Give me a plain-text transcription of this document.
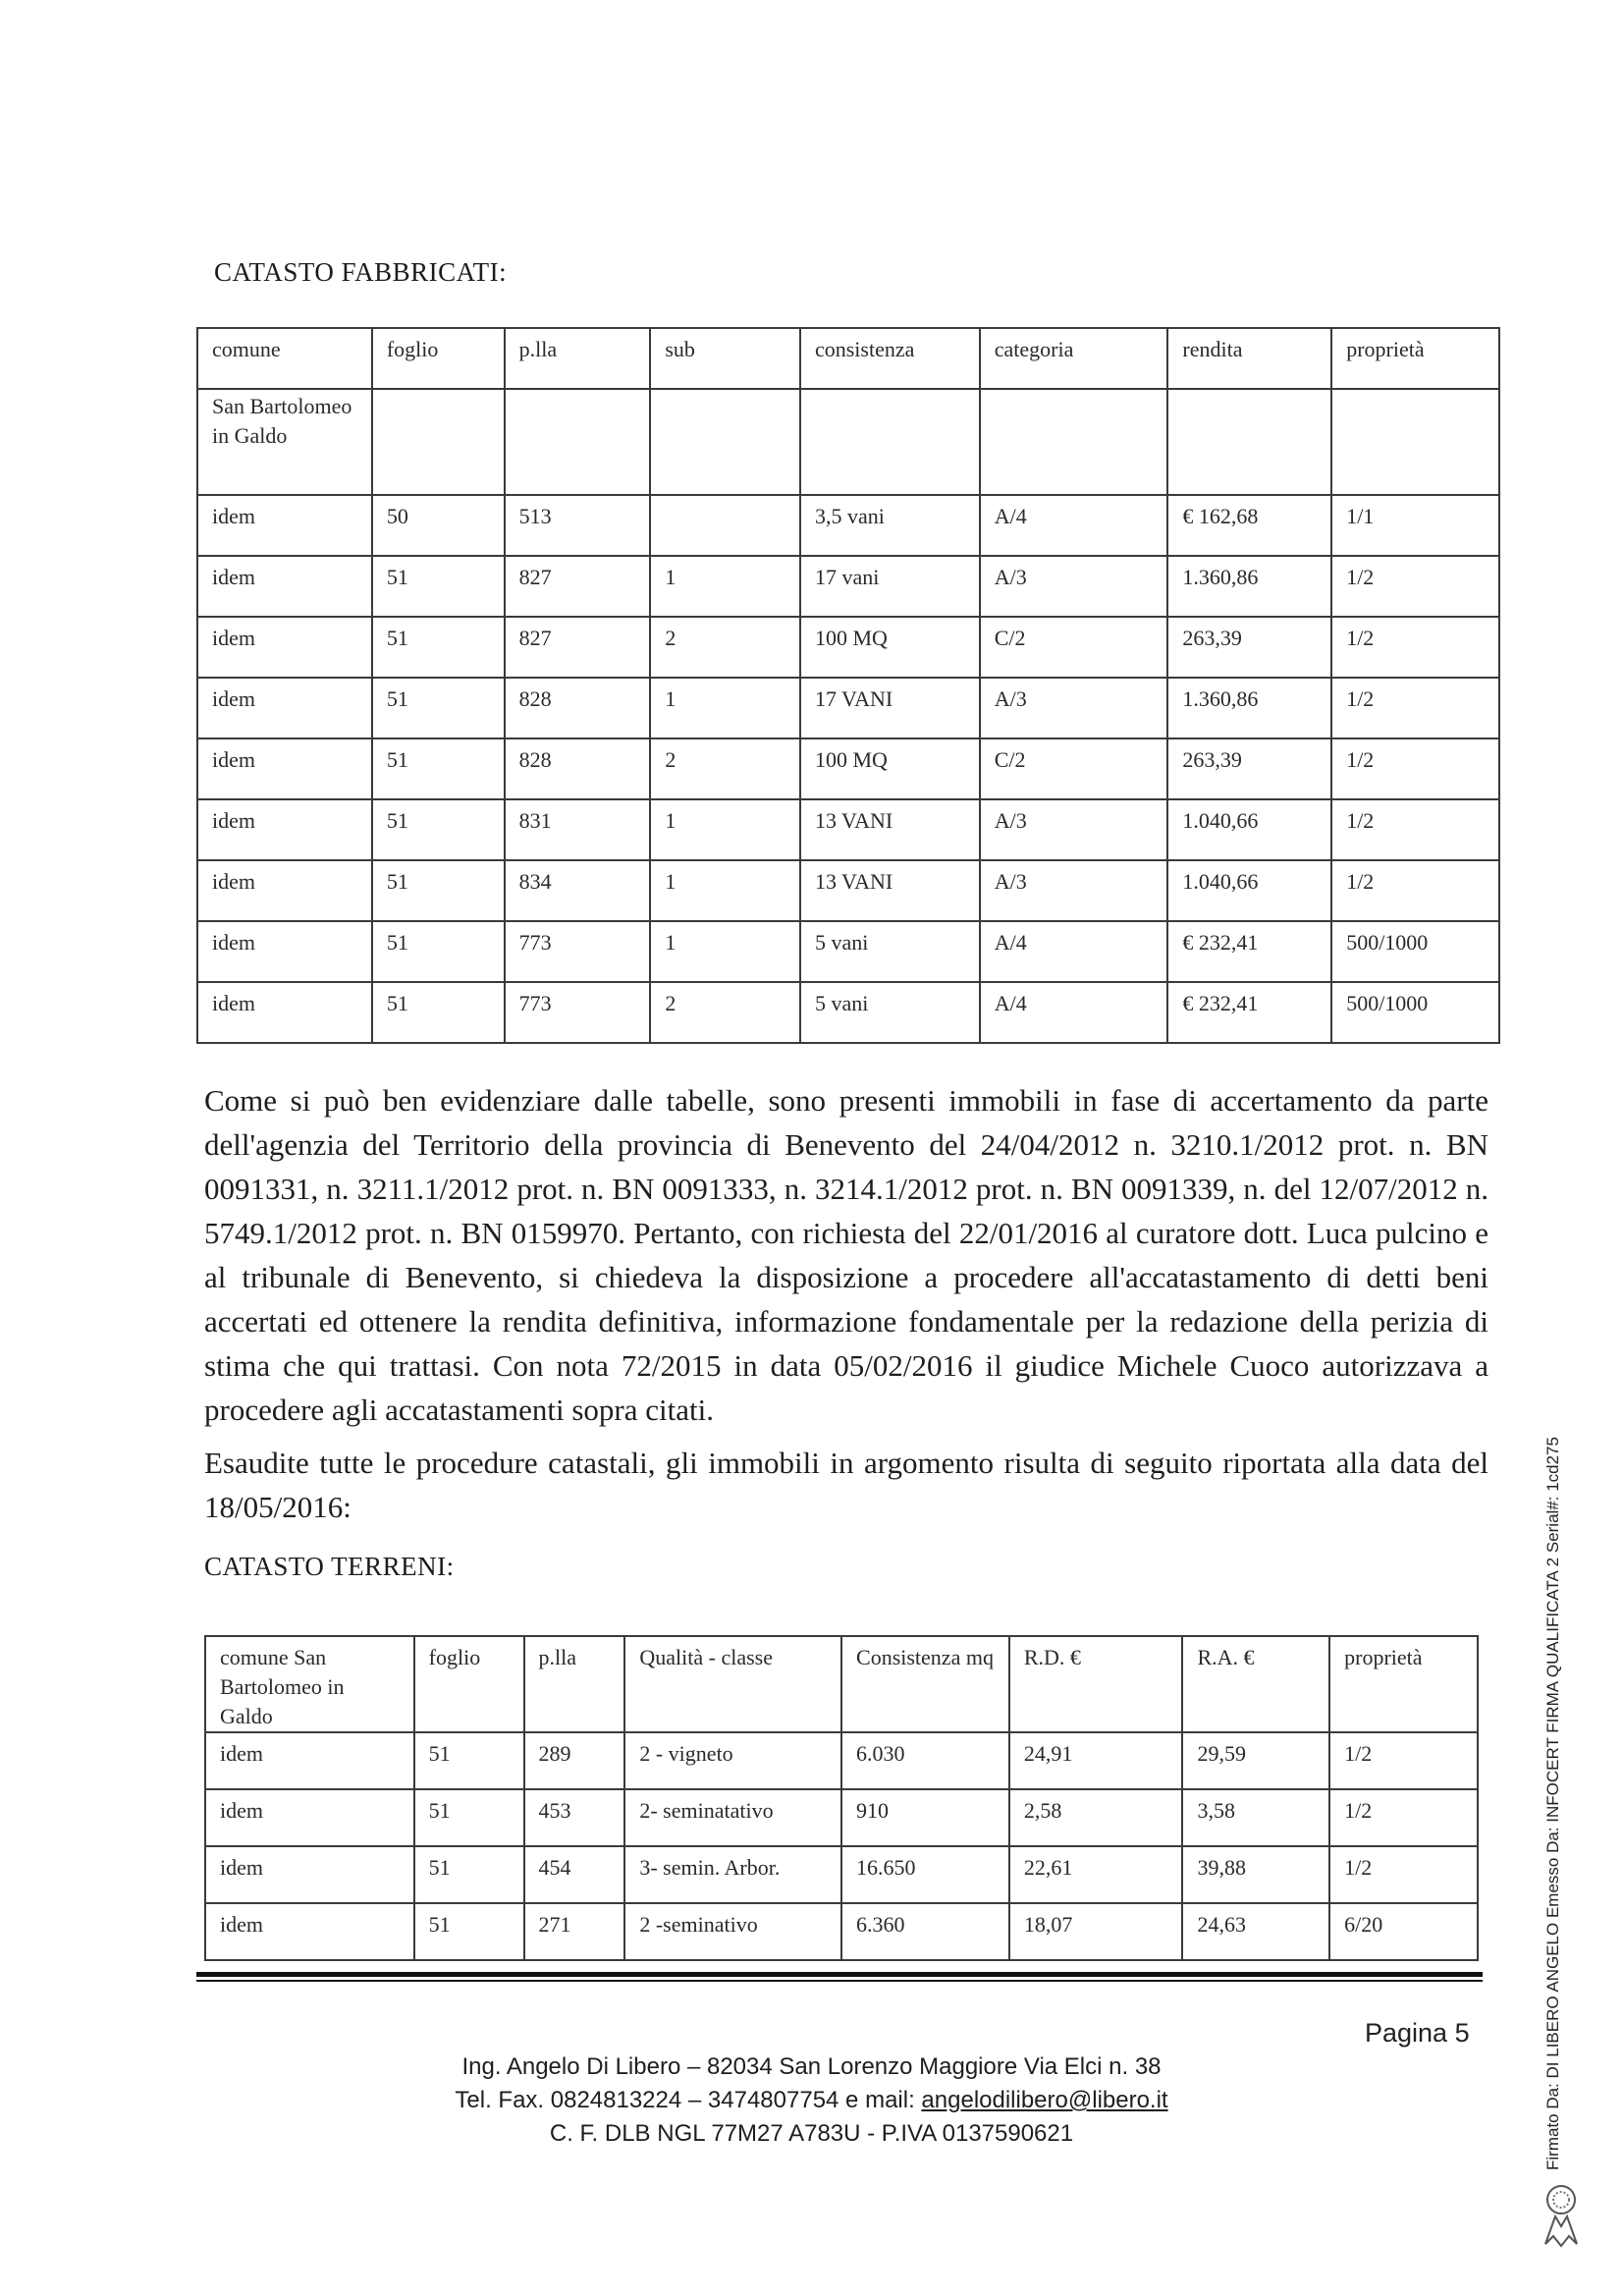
CATASTO FABBRICATI:
comune	foglio	p.lla	sub	consistenza	categoria	rendita	proprietà
San Bartolomeo in Galdo							
idem	50	513		3,5 vani	A/4	€ 162,68	1/1
idem	51	827	1	17 vani	A/3	1.360,86	1/2
idem	51	827	2	100 MQ	C/2	263,39	1/2
idem	51	828	1	17 VANI	A/3	1.360,86	1/2
idem	51	828	2	100 MQ	C/2	263,39	1/2
idem	51	831	1	13 VANI	A/3	1.040,66	1/2
idem	51	834	1	13 VANI	A/3	1.040,66	1/2
idem	51	773	1	5 vani	A/4	€ 232,41	500/1000
idem	51	773	2	5 vani	A/4	€ 232,41	500/1000
Come si può ben evidenziare dalle tabelle, sono presenti immobili in fase di accertamento da parte dell'agenzia del Territorio della provincia di Benevento del 24/04/2012 n. 3210.1/2012 prot. n. BN 0091331, n. 3211.1/2012 prot. n. BN 0091333, n. 3214.1/2012 prot. n. BN 0091339, n. del 12/07/2012 n. 5749.1/2012 prot. n. BN 0159970. Pertanto, con richiesta del 22/01/2016 al curatore dott. Luca pulcino e al tribunale di Benevento, si chiedeva la disposizione a procedere all'accatastamento di detti beni accertati ed ottenere la rendita definitiva, informazione fondamentale per la redazione della perizia di stima che qui trattasi. Con nota 72/2015 in data 05/02/2016 il giudice Michele Cuoco autorizzava a procedere agli accatastamenti sopra citati.
Esaudite tutte le procedure catastali, gli immobili in argomento risulta di seguito riportata alla data del 18/05/2016:
CATASTO TERRENI:
comune San Bartolomeo in Galdo	foglio	p.lla	Qualità - classe	Consistenza mq	R.D. €	R.A. €	proprietà
idem	51	289	2 - vigneto	6.030	24,91	29,59	1/2
idem	51	453	2- seminatativo	910	2,58	3,58	1/2
idem	51	454	3- semin. Arbor.	16.650	22,61	39,88	1/2
idem	51	271	2 -seminativo	6.360	18,07	24,63	6/20
Pagina 5
Ing. Angelo Di Libero – 82034 San Lorenzo Maggiore Via Elci n. 38
Tel. Fax. 0824813224 – 3474807754 e mail: angelodilibero@libero.it
C. F. DLB NGL 77M27 A783U - P.IVA 0137590621	Firmato Da: DI LIBERO ANGELO Emesso Da: INFOCERT FIRMA QUALIFICATA 2 Serial#: 1cd275
